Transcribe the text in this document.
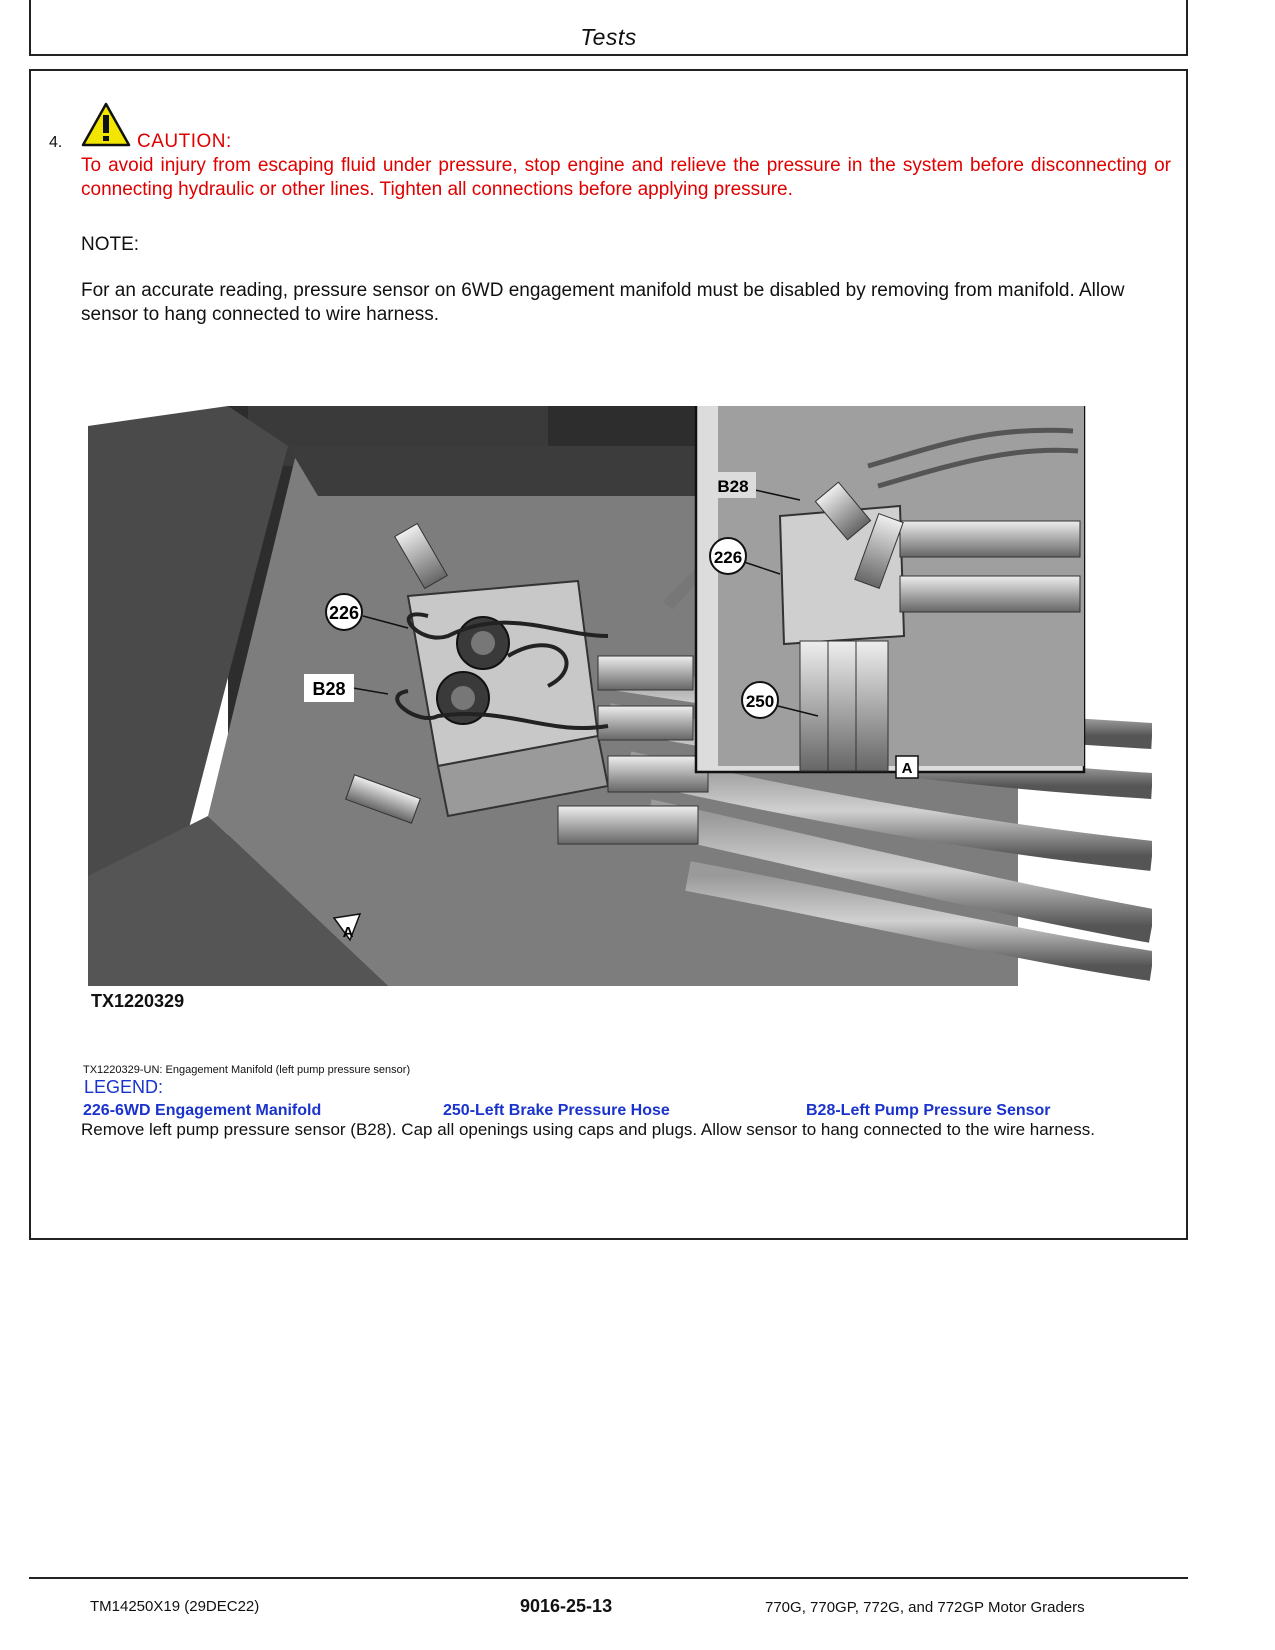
Tests
4.	CAUTION:
To avoid injury from escaping fluid under pressure, stop engine and relieve the pressure in the system before disconnecting or connecting hydraulic or other lines. Tighten all connections before applying pressure.
NOTE:
For an accurate reading, pressure sensor on 6WD engagement manifold must be disabled by removing from manifold. Allow sensor to hang connected to wire harness.
226
B28
A
B28
226
250
A
TX1220329
TX1220329-UN: Engagement Manifold (left pump pressure sensor)
LEGEND:
226-6WD Engagement Manifold	250-Left Brake Pressure Hose	B28-Left Pump Pressure Sensor
Remove left pump pressure sensor (B28). Cap all openings using caps and plugs. Allow sensor to hang connected to the wire harness.
TM14250X19 (29DEC22)	9016-25-13	770G, 770GP, 772G, and 772GP Motor Graders
